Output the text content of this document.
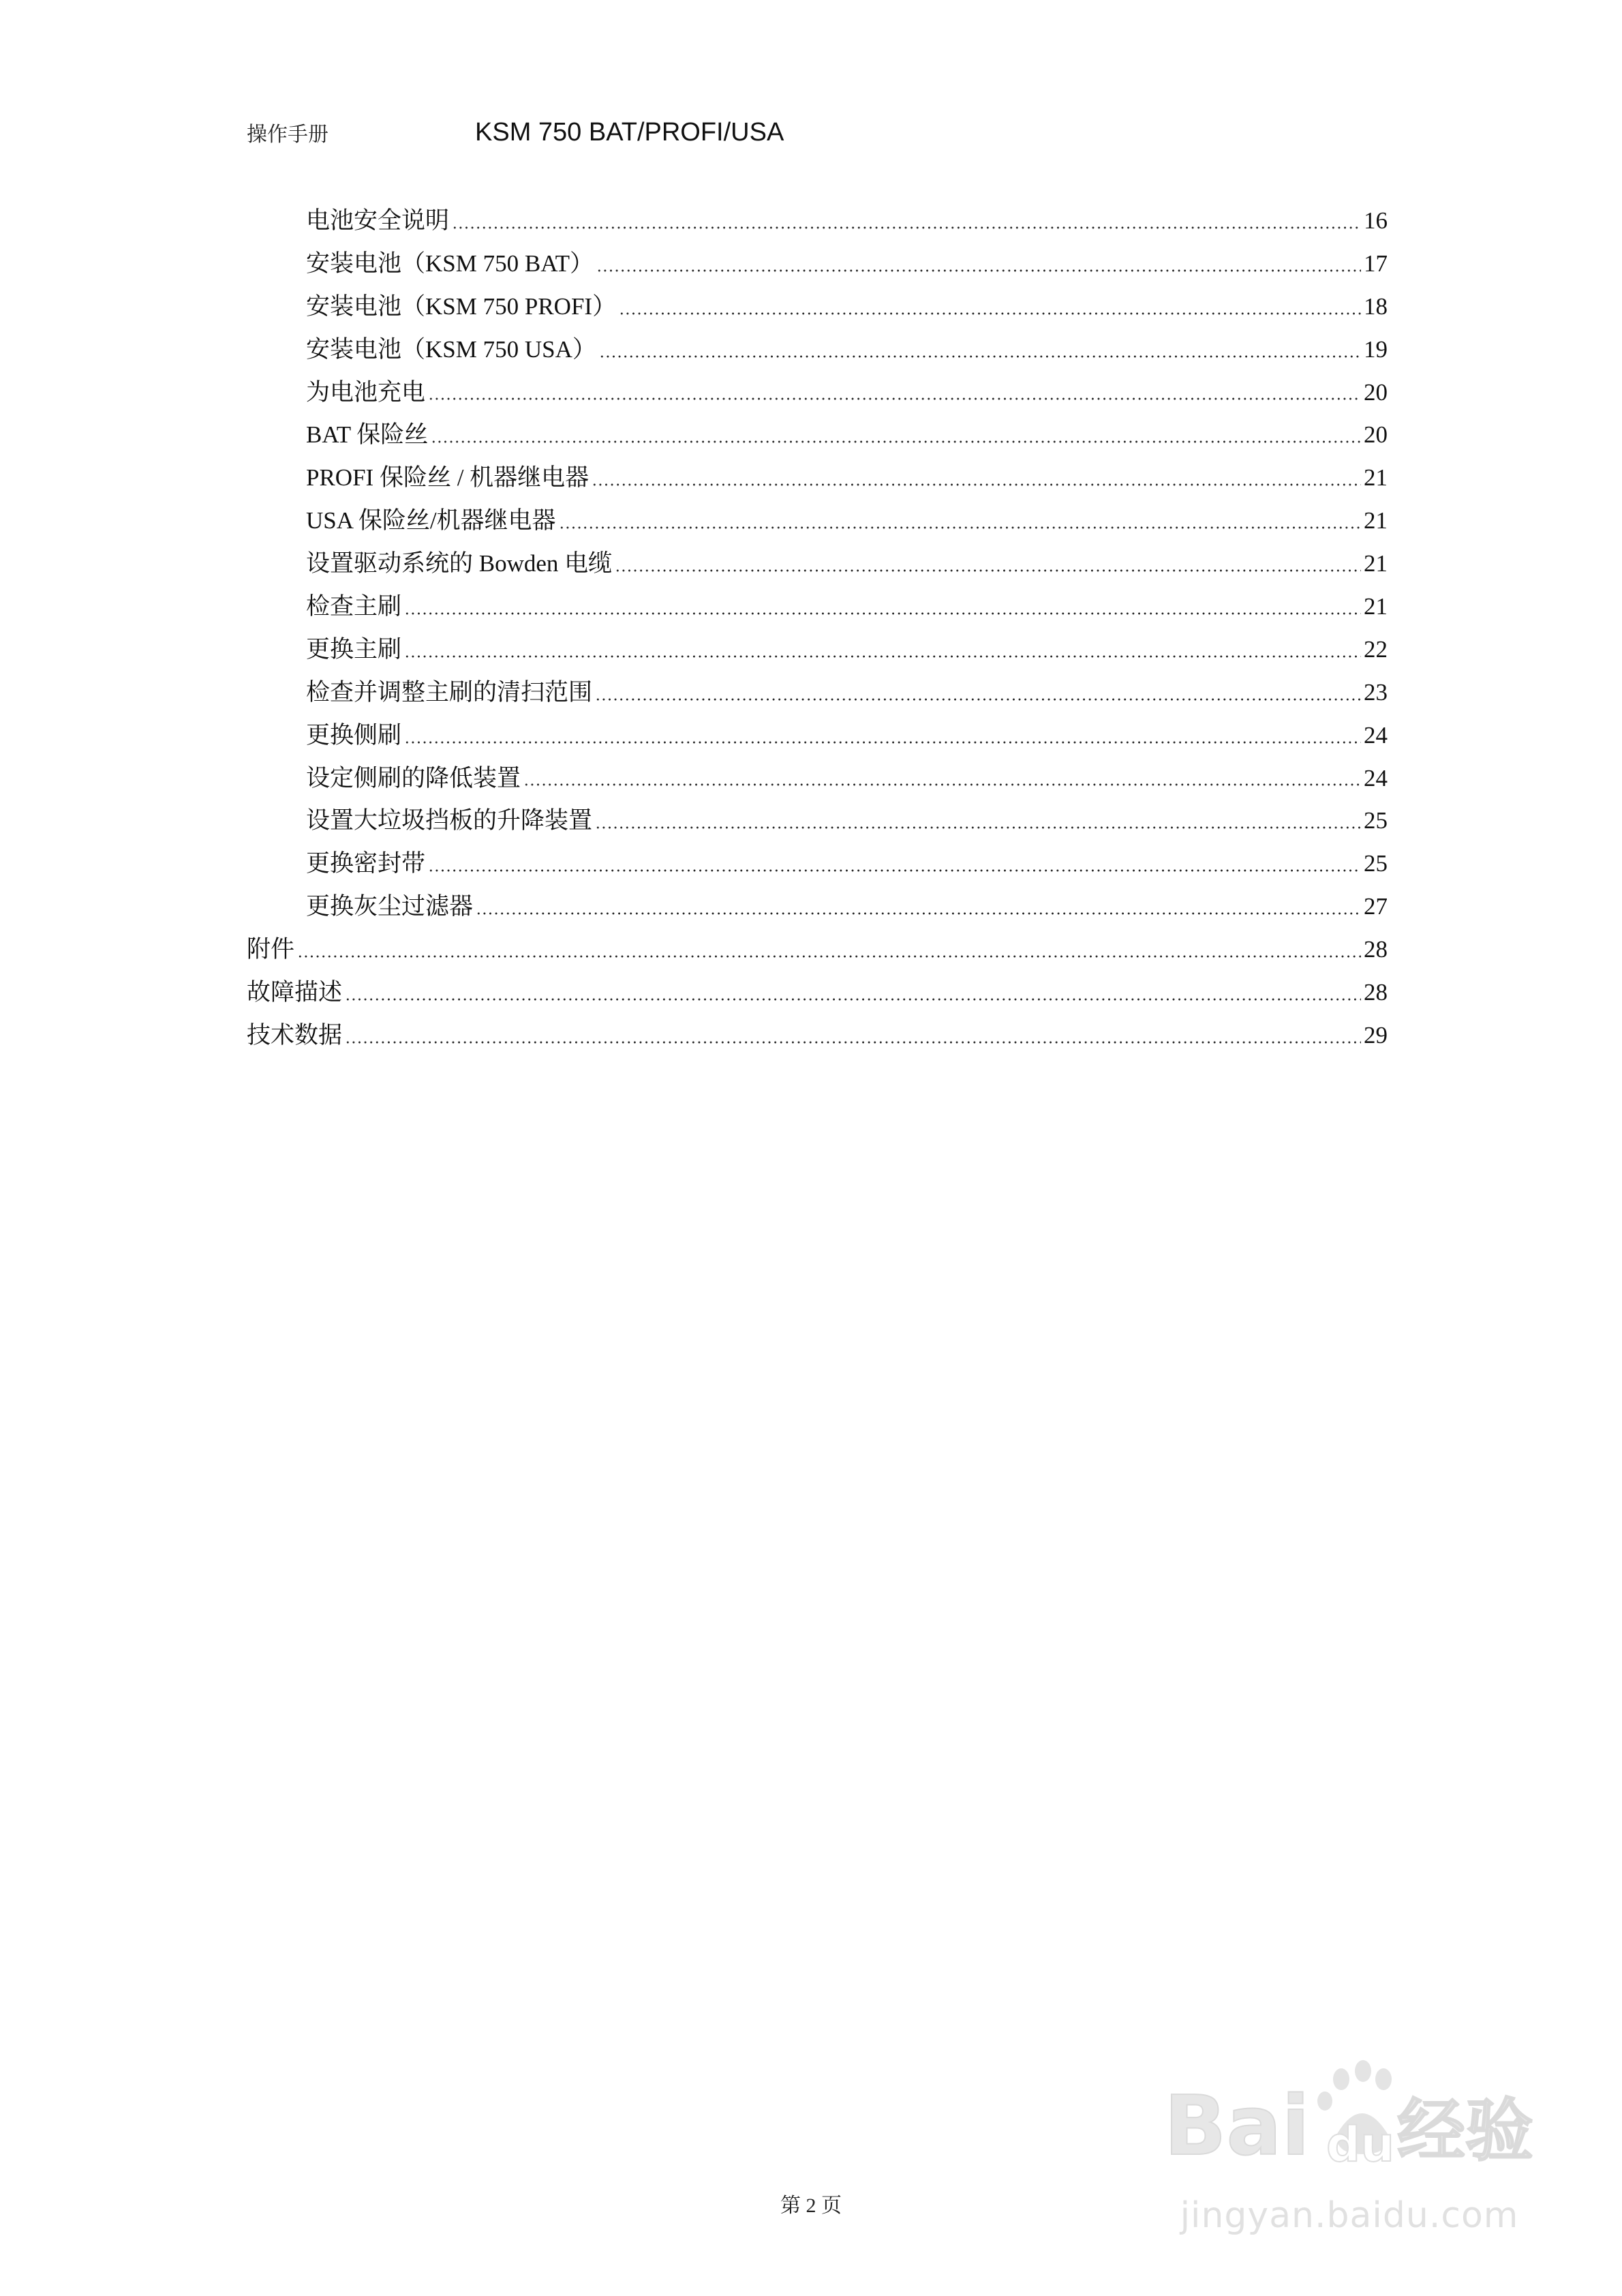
操作手册	KSM 750 BAT/PROFI/USA
电池安全说明	16
安装电池（KSM 750 BAT）	17
安装电池（KSM 750 PROFI）	18
安装电池（KSM 750 USA）	19
为电池充电	20
BAT 保险丝	20
PROFI 保险丝 / 机器继电器	21
USA 保险丝/机器继电器	21
设置驱动系统的 Bowden 电缆	21
检查主刷	21
更换主刷	22
检查并调整主刷的清扫范围	23
更换侧刷	24
设定侧刷的降低装置	24
设置大垃圾挡板的升降装置	25
更换密封带	25
更换灰尘过滤器	27
附件	28
故障描述	28
技术数据	29
第 2 页
Bai du 经验
jingyan.baidu.com
